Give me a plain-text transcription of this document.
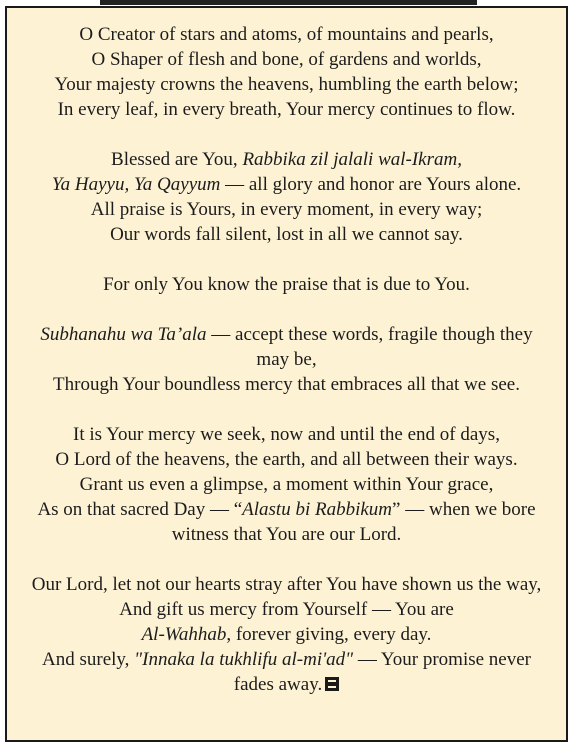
O Creator of stars and atoms, of mountains and pearls,
O Shaper of flesh and bone, of gardens and worlds,
Your majesty crowns the heavens, humbling the earth below;
In every leaf, in every breath, Your mercy continues to flow.
Blessed are You, Rabbika zil jalali wal-Ikram,
Ya Hayyu, Ya Qayyum — all glory and honor are Yours alone.
All praise is Yours, in every moment, in every way;
Our words fall silent, lost in all we cannot say.
For only You know the praise that is due to You.
Subhanahu wa Ta’ala — accept these words, fragile though they may be,
Through Your boundless mercy that embraces all that we see.
It is Your mercy we seek, now and until the end of days,
O Lord of the heavens, the earth, and all between their ways.
Grant us even a glimpse, a moment within Your grace,
As on that sacred Day — “Alastu bi Rabbikum” — when we bore witness that You are our Lord.
Our Lord, let not our hearts stray after You have shown us the way,
And gift us mercy from Yourself — You are
Al-Wahhab, forever giving, every day.
And surely, "Innaka la tukhlifu al-mi'ad" — Your promise never fades away.
